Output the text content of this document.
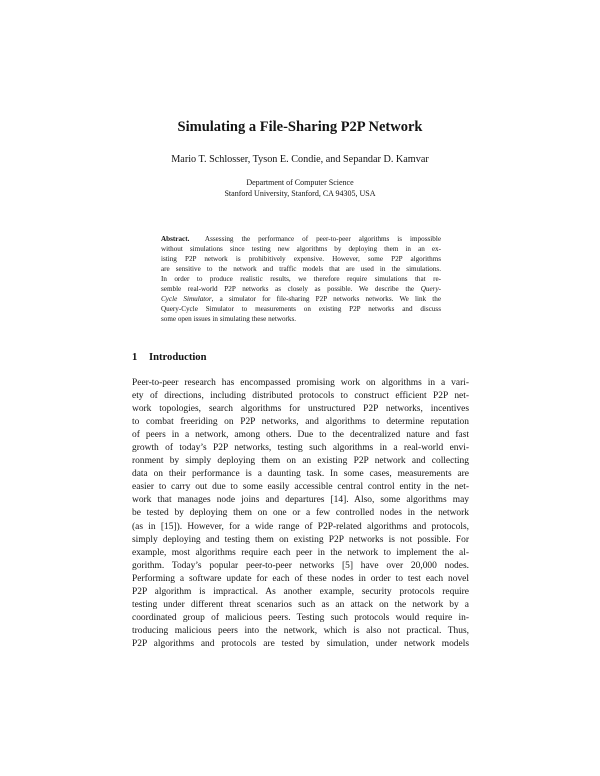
Simulating a File-Sharing P2P Network
Mario T. Schlosser, Tyson E. Condie, and Sepandar D. Kamvar
Department of Computer Science
Stanford University, Stanford, CA 94305, USA
Abstract. Assessing the performance of peer-to-peer algorithms is impossible
without simulations since testing new algorithms by deploying them in an ex-
isting P2P network is prohibitively expensive. However, some P2P algorithms
are sensitive to the network and traffic models that are used in the simulations.
In order to produce realistic results, we therefore require simulations that re-
semble real-world P2P networks as closely as possible. We describe the Query-
Cycle Simulator, a simulator for file-sharing P2P networks networks. We link the
Query-Cycle Simulator to measurements on existing P2P networks and discuss
some open issues in simulating these networks.
1 Introduction
Peer-to-peer research has encompassed promising work on algorithms in a vari-
ety of directions, including distributed protocols to construct efficient P2P net-
work topologies, search algorithms for unstructured P2P networks, incentives
to combat freeriding on P2P networks, and algorithms to determine reputation
of peers in a network, among others. Due to the decentralized nature and fast
growth of today’s P2P networks, testing such algorithms in a real-world envi-
ronment by simply deploying them on an existing P2P network and collecting
data on their performance is a daunting task. In some cases, measurements are
easier to carry out due to some easily accessible central control entity in the net-
work that manages node joins and departures [14]. Also, some algorithms may
be tested by deploying them on one or a few controlled nodes in the network
(as in [15]). However, for a wide range of P2P-related algorithms and protocols,
simply deploying and testing them on existing P2P networks is not possible. For
example, most algorithms require each peer in the network to implement the al-
gorithm. Today’s popular peer-to-peer networks [5] have over 20,000 nodes.
Performing a software update for each of these nodes in order to test each novel
P2P algorithm is impractical. As another example, security protocols require
testing under different threat scenarios such as an attack on the network by a
coordinated group of malicious peers. Testing such protocols would require in-
troducing malicious peers into the network, which is also not practical. Thus,
P2P algorithms and protocols are tested by simulation, under network models
